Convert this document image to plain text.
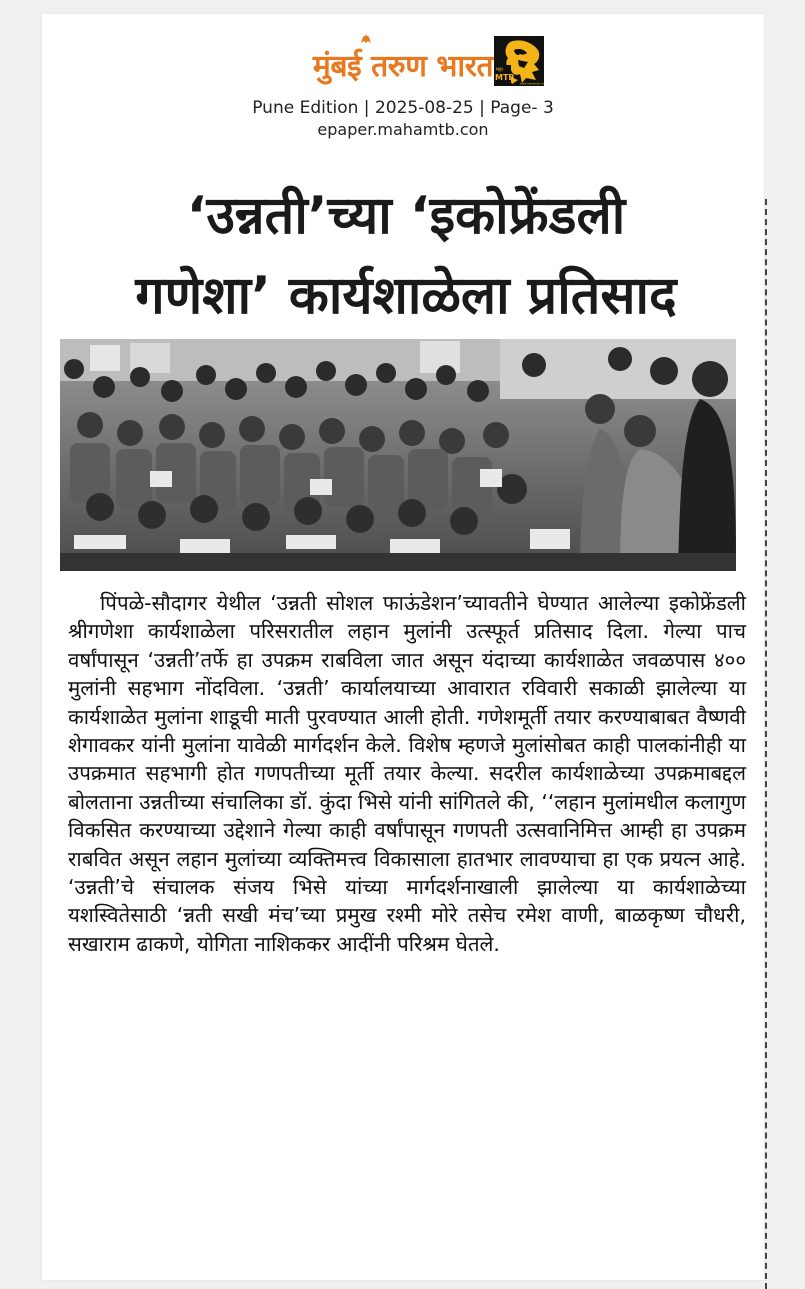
मुंबई तरुण भारत महा
MTB
www.mahamtb.com
Pune Edition | 2025-08-25 | Page- 3
epaper.mahamtb.con
‘उन्नती’च्या ‘इकोफ्रेंडली
गणेशा’ कार्यशाळेला प्रतिसाद
पिंपळे-सौदागर येथील ‘उन्नती सोशल फाऊंडेशन’च्यावतीने घेण्यात आलेल्या इकोफ्रेंडली श्रीगणेशा कार्यशाळेला परिसरातील लहान मुलांनी उत्स्फूर्त प्रतिसाद दिला. गेल्या पाच वर्षांपासून ‘उन्नती’तर्फे हा उपक्रम राबविला जात असून यंदाच्या कार्यशाळेत जवळपास ४०० मुलांनी सहभाग नोंदविला. ‘उन्नती’ कार्यालयाच्या आवारात रविवारी सकाळी झालेल्या या कार्यशाळेत मुलांना शाडूची माती पुरवण्यात आली होती. गणेशमूर्ती तयार करण्याबाबत वैष्णवी शेगावकर यांनी मुलांना यावेळी मार्गदर्शन केले. विशेष म्हणजे मुलांसोबत काही पालकांनीही या उपक्रमात सहभागी होत गणपतीच्या मूर्ती तयार केल्या. सदरील कार्यशाळेच्या उपक्रमाबद्दल बोलताना उन्नतीच्या संचालिका डॉ. कुंदा भिसे यांनी सांगितले की, ‘‘लहान मुलांमधील कलागुण विकसित करण्याच्या उद्देशाने गेल्या काही वर्षांपासून गणपती उत्सवानिमित्त आम्ही हा उपक्रम राबवित असून लहान मुलांच्या व्यक्तिमत्त्व विकासाला हातभार लावण्याचा हा एक प्रयत्न आहे. ‘उन्नती’चे संचालक संजय भिसे यांच्या मार्गदर्शनाखाली झालेल्या या कार्यशाळेच्या यशस्वितेसाठी ‘न्नती सखी मंच’च्या प्रमुख रश्मी मोरे तसेच रमेश वाणी, बाळकृष्ण चौधरी, सखाराम ढाकणे, योगिता नाशिककर आदींनी परिश्रम घेतले.
